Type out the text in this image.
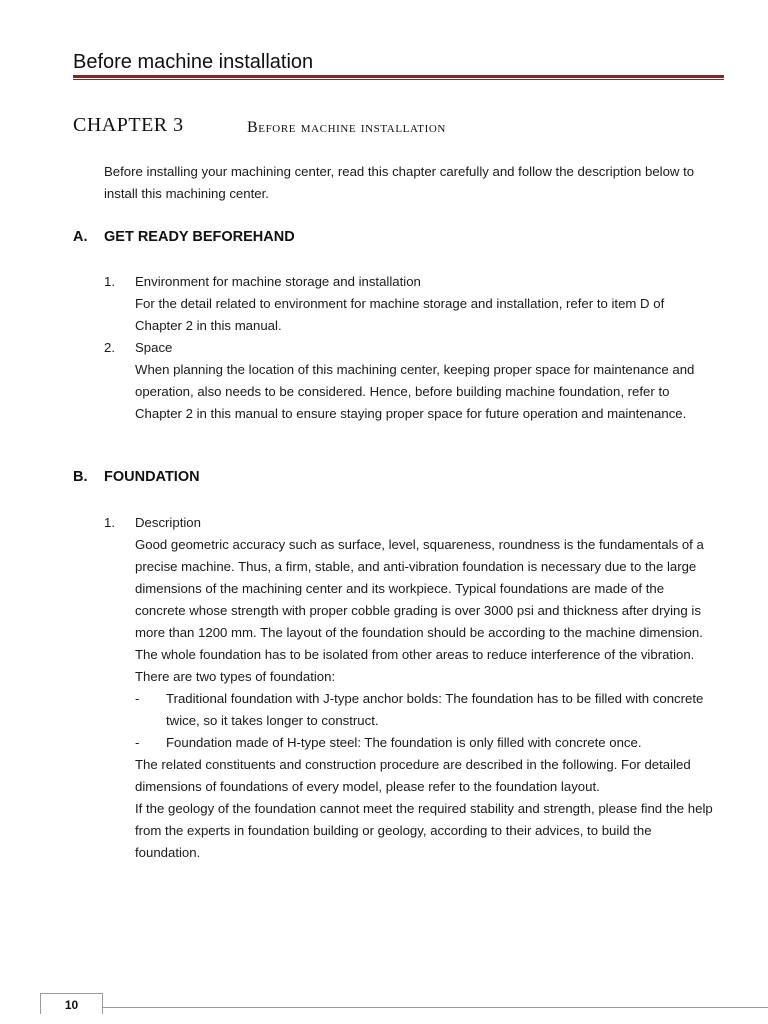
Before machine installation
CHAPTER 3	Before machine installation
Before installing your machining center, read this chapter carefully and follow the description below to install this machining center.
A. GET READY BEFOREHAND
1. Environment for machine storage and installation
For the detail related to environment for machine storage and installation, refer to item D of Chapter 2 in this manual.
2. Space
When planning the location of this machining center, keeping proper space for maintenance and operation, also needs to be considered. Hence, before building machine foundation, refer to Chapter 2 in this manual to ensure staying proper space for future operation and maintenance.
B. FOUNDATION
1. Description
Good geometric accuracy such as surface, level, squareness, roundness is the fundamentals of a precise machine. Thus, a firm, stable, and anti-vibration foundation is necessary due to the large dimensions of the machining center and its workpiece. Typical foundations are made of the concrete whose strength with proper cobble grading is over 3000 psi and thickness after drying is more than 1200 mm. The layout of the foundation should be according to the machine dimension. The whole foundation has to be isolated from other areas to reduce interference of the vibration.
There are two types of foundation:
- Traditional foundation with J-type anchor bolds: The foundation has to be filled with concrete twice, so it takes longer to construct.
- Foundation made of H-type steel: The foundation is only filled with concrete once.
The related constituents and construction procedure are described in the following. For detailed dimensions of foundations of every model, please refer to the foundation layout.
If the geology of the foundation cannot meet the required stability and strength, please find the help from the experts in foundation building or geology, according to their advices, to build the foundation.
10
